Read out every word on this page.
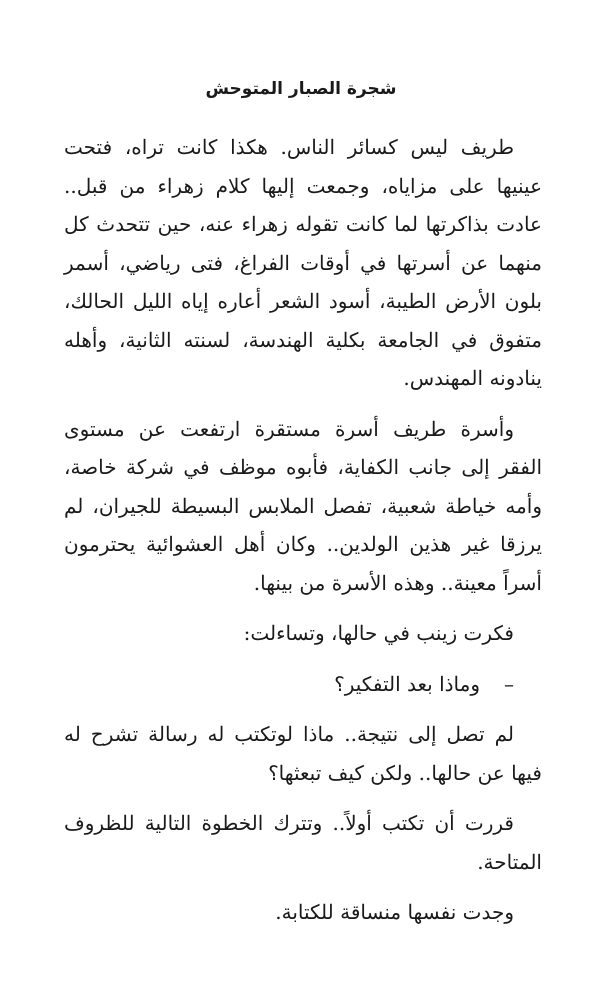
شجرة الصبار المتوحش

طريف ليس كسائر الناس. هكذا كانت تراه، فتحت عينيها على مزاياه، وجمعت إليها كلام زهراء من قبل.. عادت بذاكرتها لما كانت تقوله زهراء عنه، حين تتحدث كل منهما عن أسرتها في أوقات الفراغ، فتى رياضي، أسمر بلون الأرض الطيبة، أسود الشعر أعاره إياه الليل الحالك، متفوق في الجامعة بكلية الهندسة، لسنته الثانية، وأهله ينادونه المهندس.

وأسرة طريف أسرة مستقرة ارتفعت عن مستوى الفقر إلى جانب الكفاية، فأبوه موظف في شركة خاصة، وأمه خياطة شعبية، تفصل الملابس البسيطة للجيران، لم يرزقا غير هذين الولدين.. وكان أهل العشوائية يحترمون أسراً معينة.. وهذه الأسرة من بينها.

فكرت زينب في حالها، وتساءلت:

–وماذا بعد التفكير؟

لم تصل إلى نتيجة.. ماذا لوتكتب له رسالة تشرح له فيها عن حالها.. ولكن كيف تبعثها؟

قررت أن تكتب أولاً.. وتترك الخطوة التالية للظروف المتاحة.

وجدت نفسها منساقة للكتابة.
